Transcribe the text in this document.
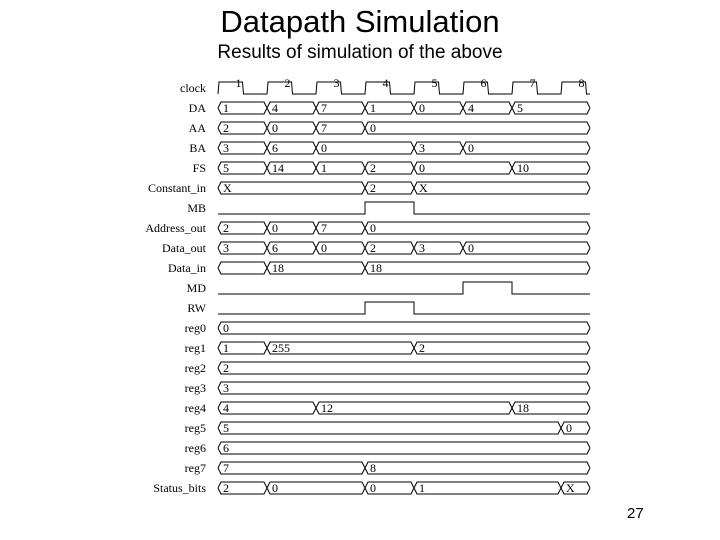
Datapath Simulation
Results of simulation of the above
clock 1	2	3	4	5	6	7	8
DA 1	4	7	1	0	4	5
AA 2	0	7	0
BA 3	6	0	3	0
FS 5	14	1	2	0	10
Constant_in X	2	X
MB
Address_out 2	0	7	0
Data_out 3	6	0	2	3	0
Data_in	18	18
MD
RW
reg0 0
reg1 1	255	2
reg2 2
reg3 3
reg4 4	12	18
reg5 5	0
reg6 6
reg7 7	8
Status_bits 2	0	0	1	X
27
